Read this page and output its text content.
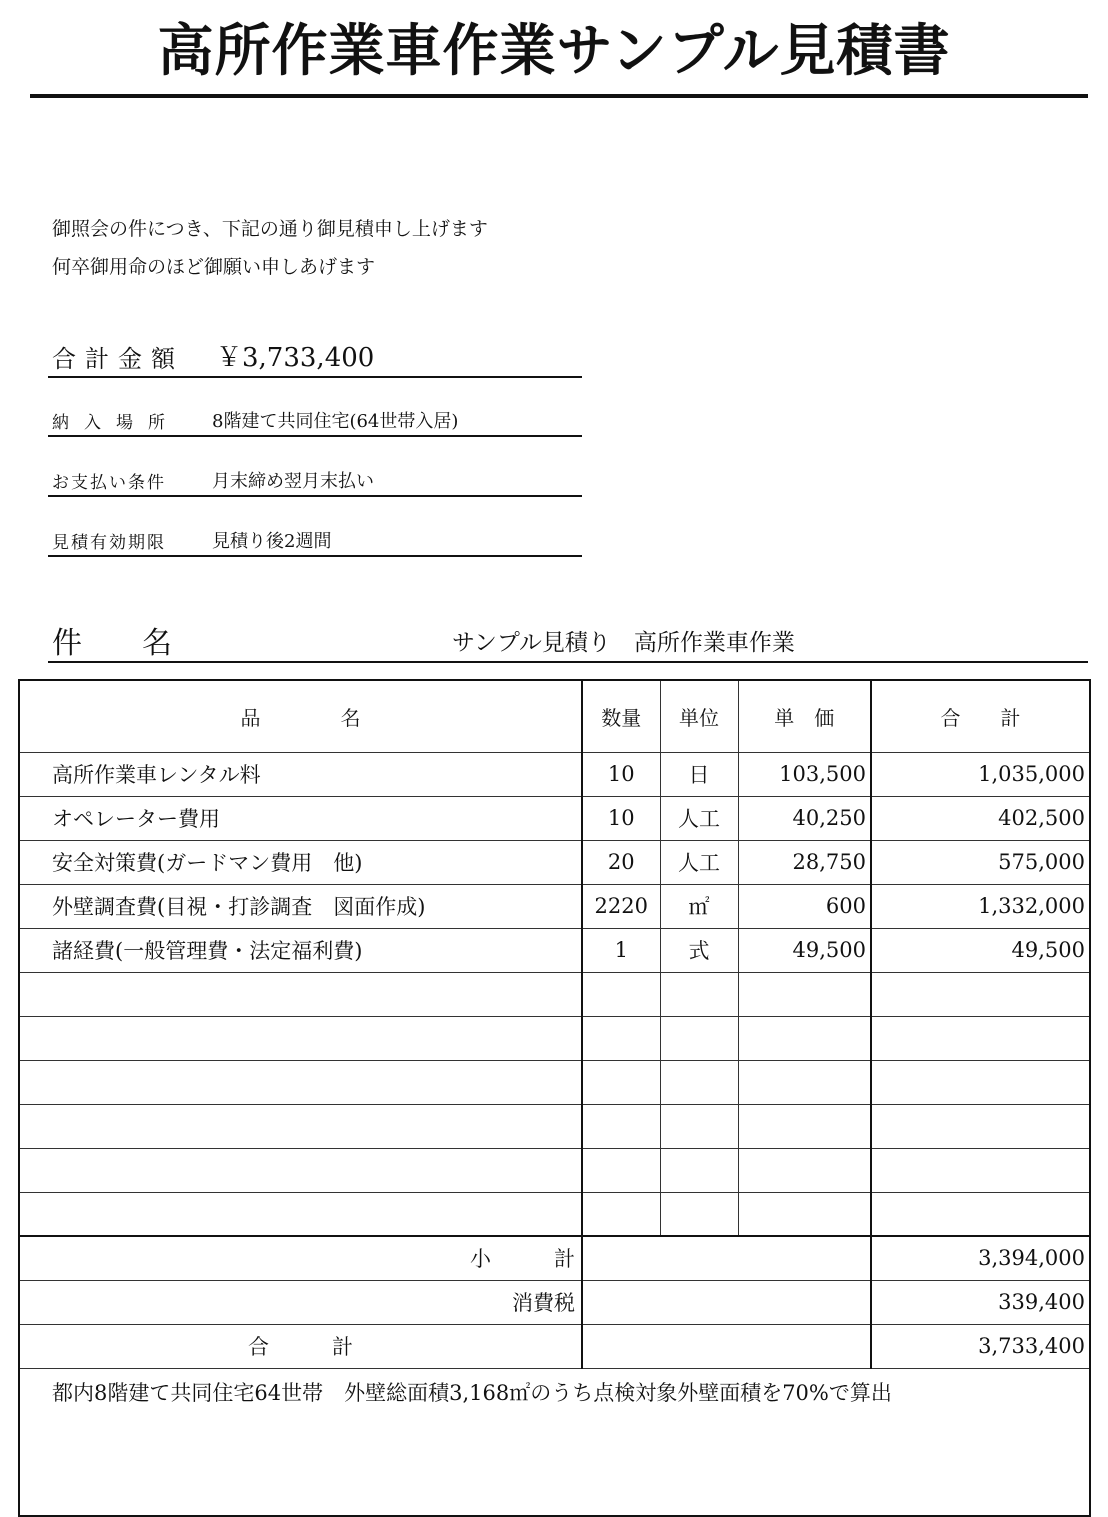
高所作業車作業サンプル見積書
御照会の件につき、下記の通り御見積申し上げます
何卒御用命のほど御願い申しあげます
合計金額 ￥3,733,400
納入場所 8階建て共同住宅(64世帯入居)
お支払い条件	月末締め翌月末払い
見積有効期限	見積り後2週間
件名	サンプル見積り　高所作業車作業
品　　　　名	数量	単位	単　価	合　　計
高所作業車レンタル料	10	日	103,500	1,035,000
オペレーター費用	10	人工	40,250	402,500
安全対策費(ガードマン費用　他)	20	人工	28,750	575,000
外壁調査費(目視・打診調査　図面作成)	2220	㎡	600	1,332,000
諸経費(一般管理費・法定福利費)	1	式	49,500	49,500

小　　　計				3,394,000
消費税				339,400
合　　　計				3,733,400
都内8階建て共同住宅64世帯　外壁総面積3,168㎡のうち点検対象外壁面積を70%で算出				
